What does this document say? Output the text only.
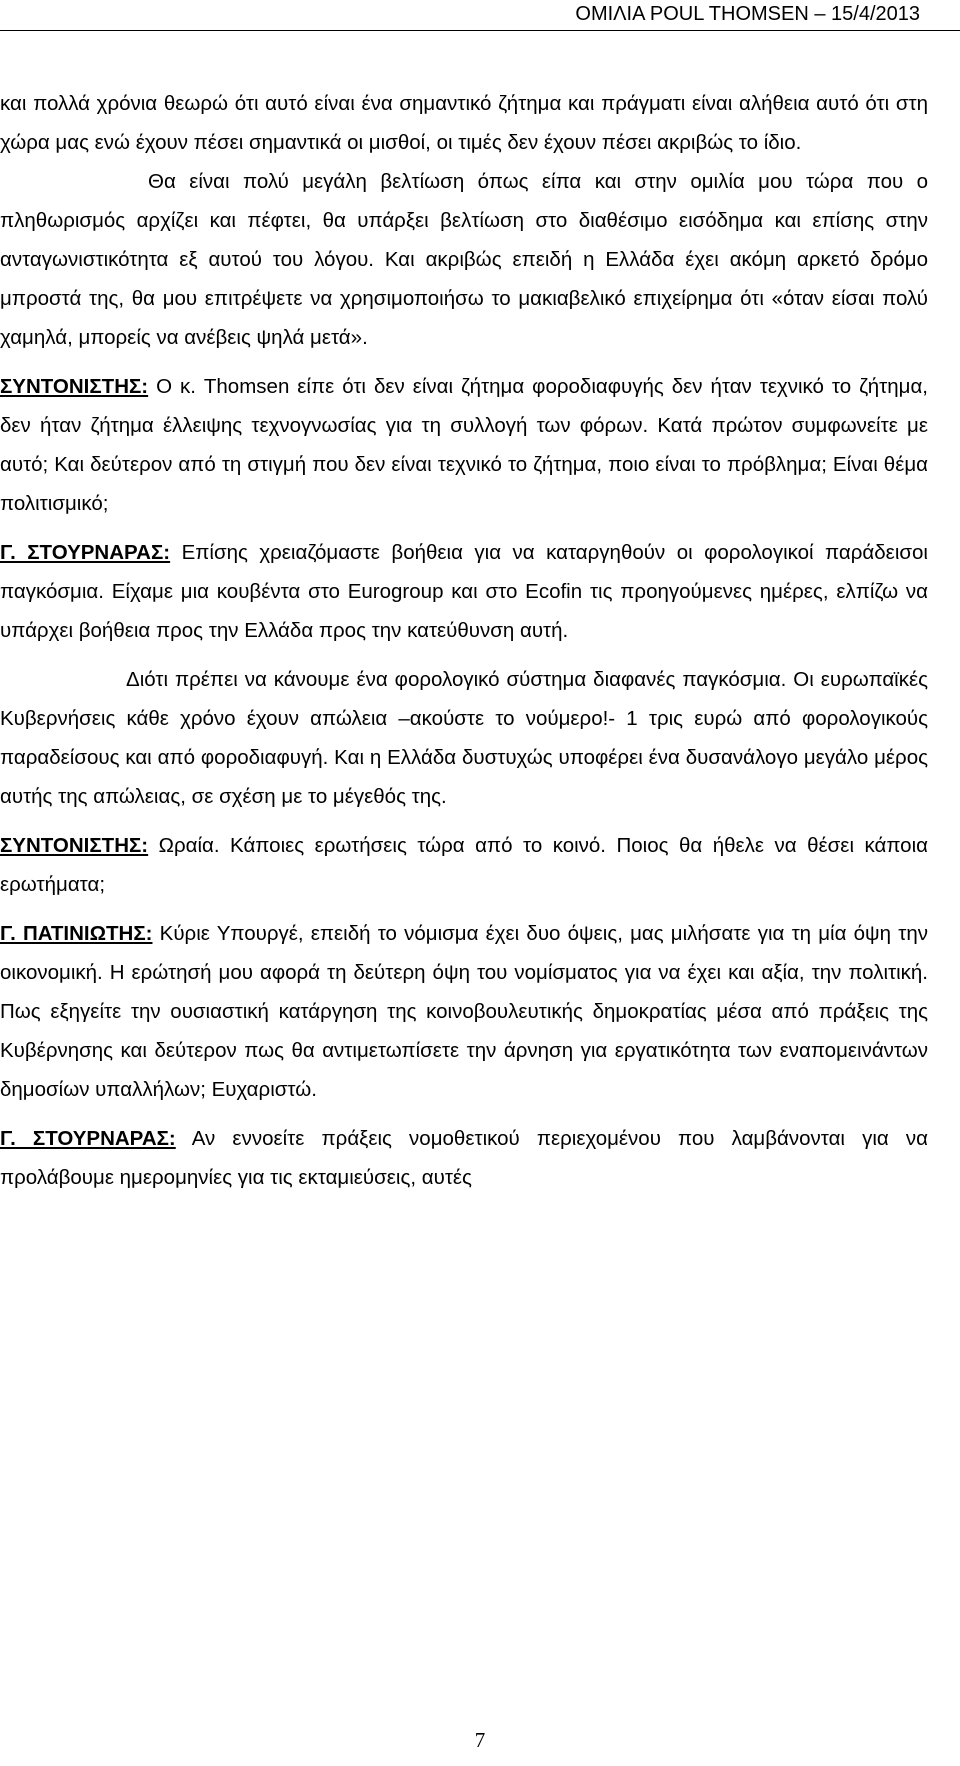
ΟΜΙΛΙΑ POUL THOMSEN – 15/4/2013

και πολλά χρόνια θεωρώ ότι αυτό είναι ένα σημαντικό ζήτημα και πράγματι είναι αλήθεια αυτό ότι στη χώρα μας ενώ έχουν πέσει σημαντικά οι μισθοί, οι τιμές δεν έχουν πέσει ακριβώς το ίδιο.

Θα είναι πολύ μεγάλη βελτίωση όπως είπα και στην ομιλία μου τώρα που ο πληθωρισμός αρχίζει και πέφτει, θα υπάρξει βελτίωση στο διαθέσιμο εισόδημα και επίσης στην ανταγωνιστικότητα εξ αυτού του λόγου. Και ακριβώς επειδή η Ελλάδα έχει ακόμη αρκετό δρόμο μπροστά της, θα μου επιτρέψετε να χρησιμοποιήσω το μακιαβελικό επιχείρημα ότι «όταν είσαι πολύ χαμηλά, μπορείς να ανέβεις ψηλά μετά».

ΣΥΝΤΟΝΙΣΤΗΣ: Ο κ. Thomsen είπε ότι δεν είναι ζήτημα φοροδιαφυγής δεν ήταν τεχνικό το ζήτημα, δεν ήταν ζήτημα έλλειψης τεχνογνωσίας για τη συλλογή των φόρων. Κατά πρώτον συμφωνείτε με αυτό; Και δεύτερον από τη στιγμή που δεν είναι τεχνικό το ζήτημα, ποιο είναι το πρόβλημα; Είναι θέμα πολιτισμικό;

Γ. ΣΤΟΥΡΝΑΡΑΣ: Επίσης χρειαζόμαστε βοήθεια για να καταργηθούν οι φορολογικοί παράδεισοι παγκόσμια. Είχαμε μια κουβέντα στο Eurogroup και στο Ecofin τις προηγούμενες ημέρες, ελπίζω να υπάρχει βοήθεια προς την Ελλάδα προς την κατεύθυνση αυτή.

Διότι πρέπει να κάνουμε ένα φορολογικό σύστημα διαφανές παγκόσμια. Οι ευρωπαϊκές Κυβερνήσεις κάθε χρόνο έχουν απώλεια –ακούστε το νούμερο!- 1 τρις ευρώ από φορολογικούς παραδείσους και από φοροδιαφυγή. Και η Ελλάδα δυστυχώς υποφέρει ένα δυσανάλογο μεγάλο μέρος αυτής της απώλειας, σε σχέση με το μέγεθός της.

ΣΥΝΤΟΝΙΣΤΗΣ: Ωραία. Κάποιες ερωτήσεις τώρα από το κοινό. Ποιος θα ήθελε να θέσει κάποια ερωτήματα;

Γ. ΠΑΤΙΝΙΩΤΗΣ: Κύριε Υπουργέ, επειδή το νόμισμα έχει δυο όψεις, μας μιλήσατε για τη μία όψη την οικονομική. Η ερώτησή μου αφορά τη δεύτερη όψη του νομίσματος για να έχει και αξία, την πολιτική. Πως εξηγείτε την ουσιαστική κατάργηση της κοινοβουλευτικής δημοκρατίας μέσα από πράξεις της Κυβέρνησης και δεύτερον πως θα αντιμετωπίσετε την άρνηση για εργατικότητα των εναπομεινάντων δημοσίων υπαλλήλων; Ευχαριστώ.

Γ. ΣΤΟΥΡΝΑΡΑΣ: Αν εννοείτε πράξεις νομοθετικού περιεχομένου που λαμβάνονται για να προλάβουμε ημερομηνίες για τις εκταμιεύσεις, αυτές

7
